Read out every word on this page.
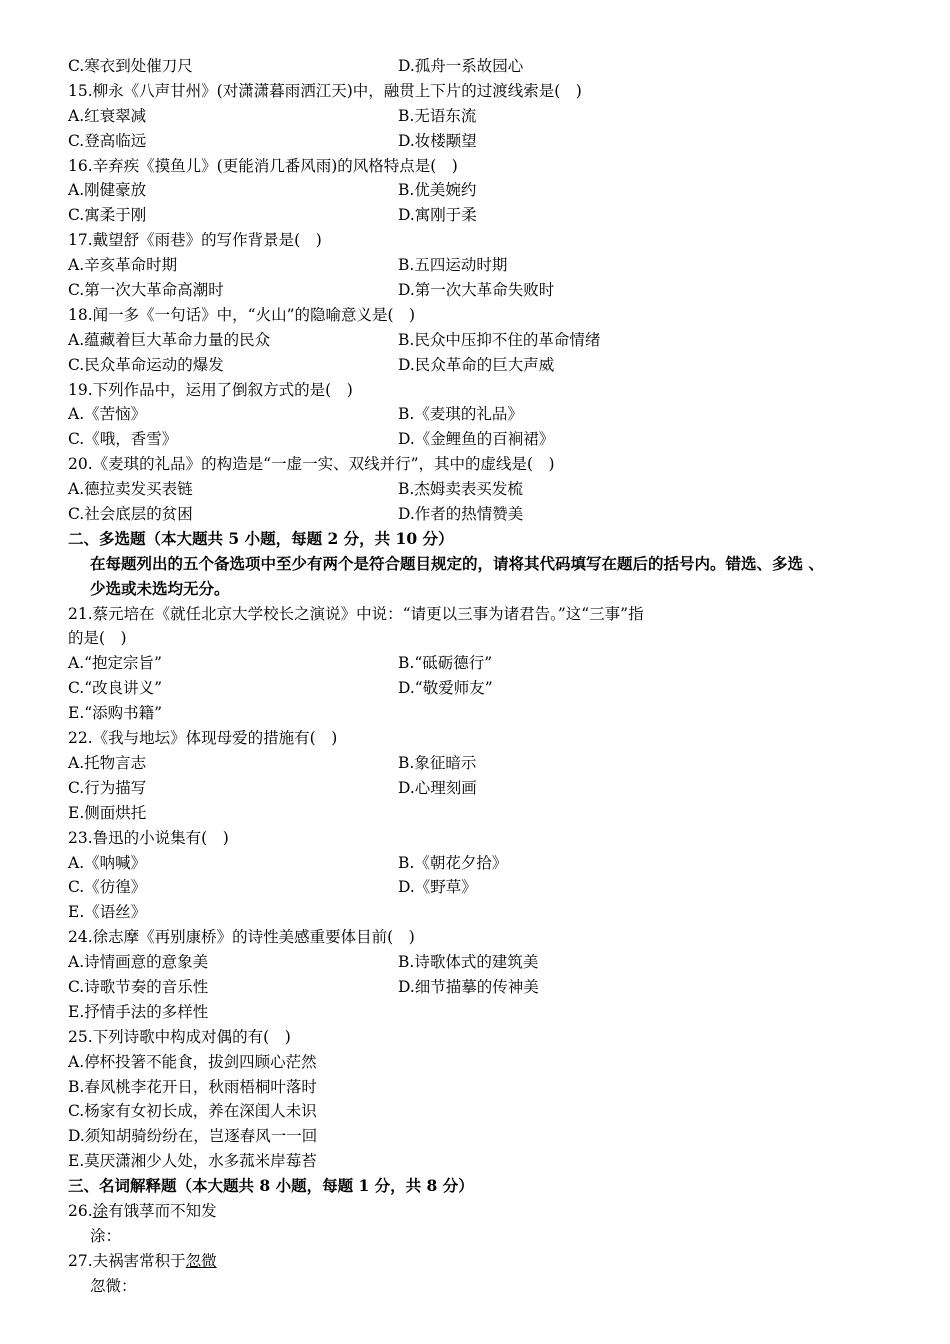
C.寒衣到处催刀尺	D.孤舟一系故园心
15.柳永《八声甘州》(对潇潇暮雨洒江天)中，融贯上下片的过渡线索是(　)
A.红衰翠减	B.无语东流
C.登高临远	D.妆楼颙望
16.辛弃疾《摸鱼儿》(更能消几番风雨)的风格特点是(　)
A.刚健豪放	B.优美婉约
C.寓柔于刚	D.寓刚于柔
17.戴望舒《雨巷》的写作背景是(　)
A.辛亥革命时期	B.五四运动时期
C.第一次大革命高潮时	D.第一次大革命失败时
18.闻一多《一句话》中，“火山”的隐喻意义是(　)
A.蕴藏着巨大革命力量的民众	B.民众中压抑不住的革命情绪
C.民众革命运动的爆发	D.民众革命的巨大声威
19.下列作品中，运用了倒叙方式的是(　)
A.《苦恼》	B.《麦琪的礼品》
C.《哦，香雪》	D.《金鲤鱼的百裥裙》
20.《麦琪的礼品》的构造是“一虚一实、双线并行”，其中的虚线是(　)
A.德拉卖发买表链	B.杰姆卖表买发梳
C.社会底层的贫困	D.作者的热情赞美
二、多选题（本大题共 5 小题，每题 2 分，共 10 分）
在每题列出的五个备选项中至少有两个是符合题目规定的，请将其代码填写在题后的括号内。错选、多选 、
少选或未选均无分。
21.蔡元培在《就任北京大学校长之演说》中说：“请更以三事为诸君告。”这“三事”指
的是(　)
A.“抱定宗旨”	B.“砥砺德行”
C.“改良讲义”	D.“敬爱师友”
E.“添购书籍”
22.《我与地坛》体现母爱的措施有(　)
A.托物言志	B.象征暗示
C.行为描写	D.心理刻画
E.侧面烘托
23.鲁迅的小说集有(　)
A.《呐喊》	B.《朝花夕拾》
C.《彷徨》	D.《野草》
E.《语丝》
24.徐志摩《再别康桥》的诗性美感重要体目前(　)
A.诗情画意的意象美	B.诗歌体式的建筑美
C.诗歌节奏的音乐性	D.细节描摹的传神美
E.抒情手法的多样性
25.下列诗歌中构成对偶的有(　)
A.停杯投箸不能食，拔剑四顾心茫然
B.春风桃李花开日，秋雨梧桐叶落时
C.杨家有女初长成，养在深闺人未识
D.须知胡骑纷纷在，岂逐春风一一回
E.莫厌潇湘少人处，水多菰米岸莓苔
三、名词解释题（本大题共 8 小题，每题 1 分，共 8 分）
26.涂有饿莩而不知发
涂：
27.夫祸害常积于忽微
忽微：
